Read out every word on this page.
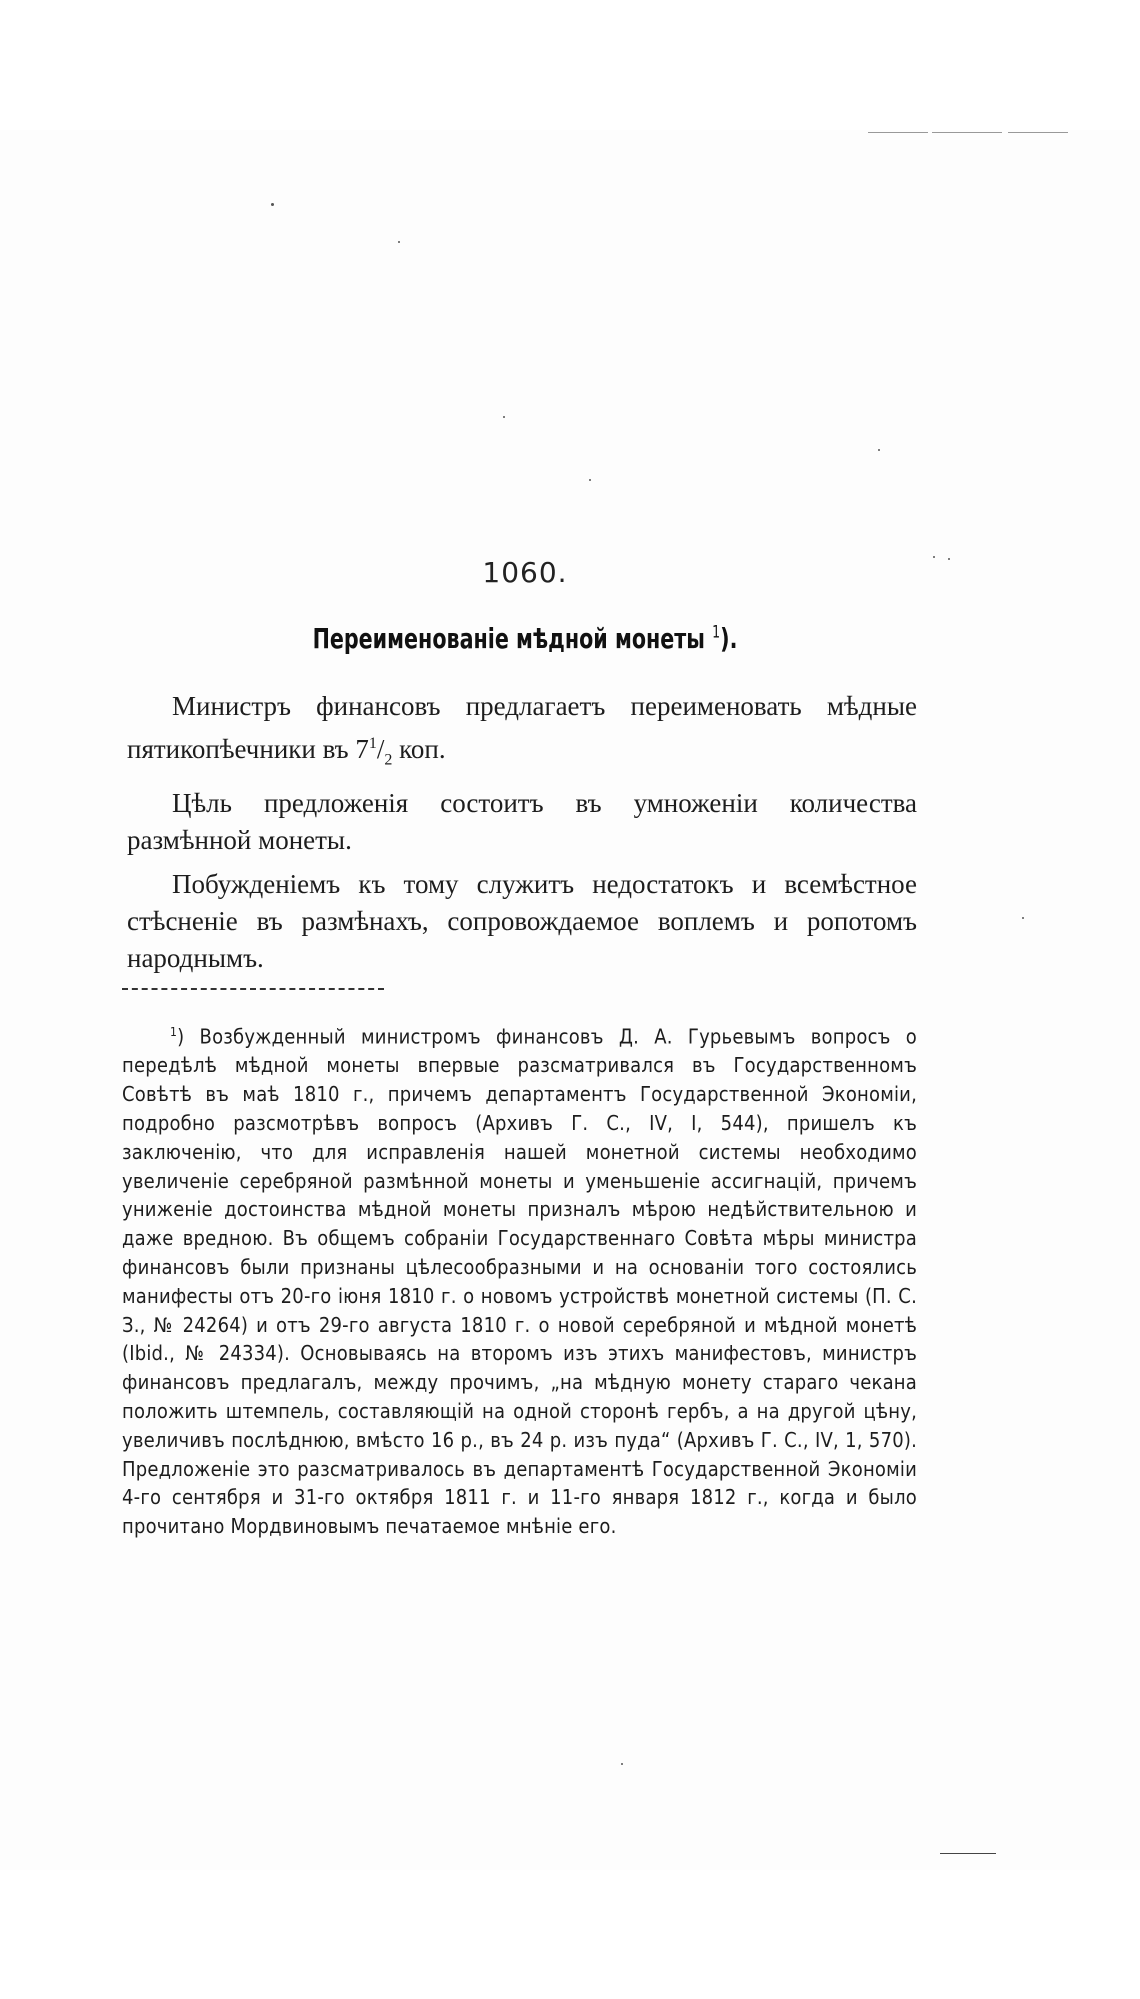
1060.
Переименованіе мѣдной монеты $^1$).

Министръ финансовъ предлагаетъ переименовать мѣдные пятикопѣечники въ $7^1/_2$ коп.

Цѣль предложенія состоитъ въ умноженіи количества размѣнной монеты.

Побужденіемъ къ тому служитъ недостатокъ и всемѣстное стѣсненіе въ размѣнахъ, сопровождаемое воплемъ и ропотомъ народнымъ.

$^1$) Возбужденный министромъ финансовъ Д. А. Гурьевымъ вопросъ о передѣлѣ мѣдной монеты впервые разсматривался въ Государственномъ Совѣтѣ въ маѣ 1810 г., причемъ департаментъ Государственной Экономіи, подробно разсмотрѣвъ вопросъ (Архивъ Г. С., IV, I, 544), пришелъ къ заключенію, что для исправленія нашей монетной системы необходимо увеличеніе серебряной размѣнной монеты и уменьшеніе ассигнацій, причемъ униженіе достоинства мѣдной монеты призналъ мѣрою недѣйствительною и даже вредною. Въ общемъ собраніи Государственнаго Совѣта мѣры министра финансовъ были признаны цѣлесообразными и на основаніи того состоялись манифесты отъ 20-го іюня 1810 г. о новомъ устройствѣ монетной системы (П. С. З., № 24264) и отъ 29-го августа 1810 г. о новой серебряной и мѣдной монетѣ (Ibid., № 24334). Основываясь на второмъ изъ этихъ манифестовъ, министръ финансовъ предлагалъ, между прочимъ, „на мѣдную монету стараго чекана положить штемпель, составляющій на одной сторонѣ гербъ, а на другой цѣну, увеличивъ послѣднюю, вмѣсто 16 р., въ 24 р. изъ пуда“ (Архивъ Г. С., IV, 1, 570). Предложеніе это разсматривалось въ департаментѣ Государственной Экономіи 4-го сентября и 31-го октября 1811 г. и 11-го января 1812 г., когда и было прочитано Мордвиновымъ печатаемое мнѣніе его.
